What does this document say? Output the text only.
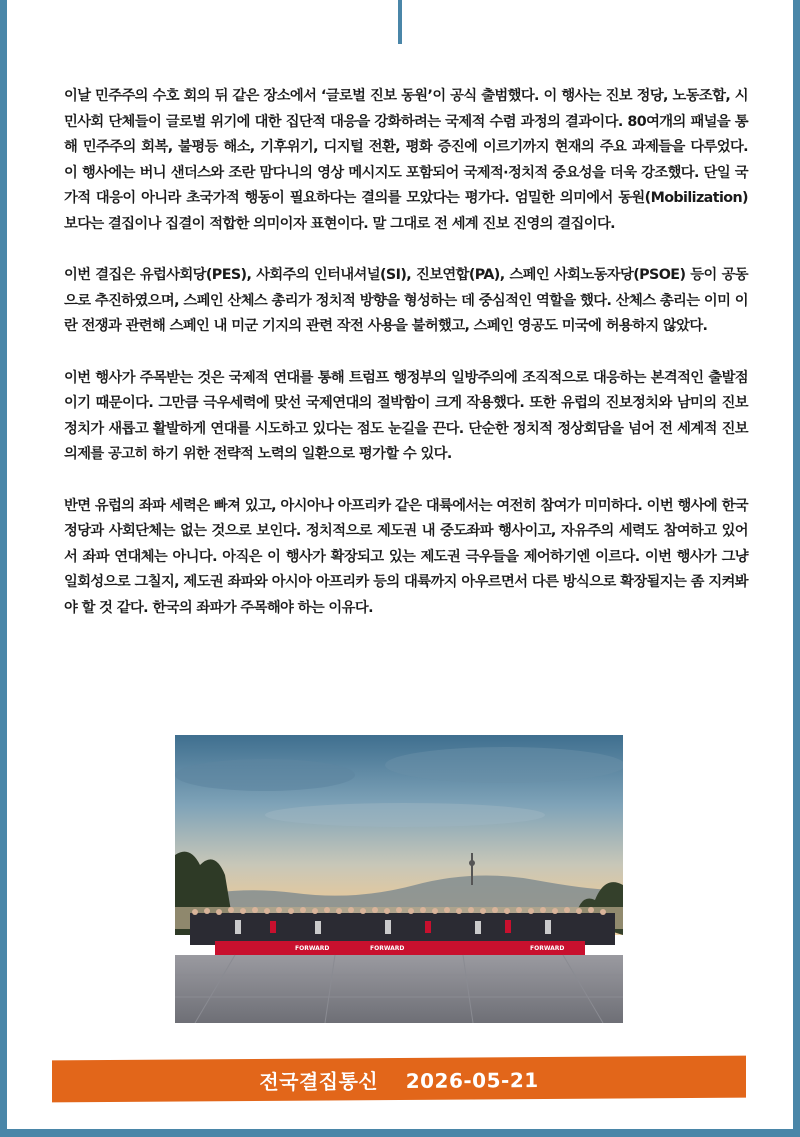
이날 민주주의 수호 회의 뒤 같은 장소에서 ‘글로벌 진보 동원’이 공식 출범했다. 이 행사는 진보 정당, 노동조합, 시민사회 단체들이 글로벌 위기에 대한 집단적 대응을 강화하려는 국제적 수렴 과정의 결과이다. 80여개의 패널을 통해 민주주의 회복, 불평등 해소, 기후위기, 디지털 전환, 평화 증진에 이르기까지 현재의 주요 과제들을 다루었다. 이 행사에는 버니 샌더스와 조란 맘다니의 영상 메시지도 포함되어 국제적·정치적 중요성을 더욱 강조했다. 단일 국가적 대응이 아니라 초국가적 행동이 필요하다는 결의를 모았다는 평가다. 엄밀한 의미에서 동원(Mobilization) 보다는 결집이나 집결이 적합한 의미이자 표현이다. 말 그대로 전 세계 진보 진영의 결집이다.

이번 결집은 유럽사회당(PES), 사회주의 인터내셔널(SI), 진보연합(PA), 스페인 사회노동자당(PSOE) 등이 공동으로 추진하였으며, 스페인 산체스 총리가 정치적 방향을 형성하는 데 중심적인 역할을 했다. 산체스 총리는 이미 이란 전쟁과 관련해 스페인 내 미군 기지의 관련 작전 사용을 불허했고, 스페인 영공도 미국에 허용하지 않았다.

이번 행사가 주목받는 것은 국제적 연대를 통해 트럼프 행정부의 일방주의에 조직적으로 대응하는 본격적인 출발점이기 때문이다. 그만큼 극우세력에 맞선 국제연대의 절박함이 크게 작용했다. 또한 유럽의 진보정치와 남미의 진보정치가 새롭고 활발하게 연대를 시도하고 있다는 점도 눈길을 끈다. 단순한 정치적 정상회담을 넘어 전 세계적 진보 의제를 공고히 하기 위한 전략적 노력의 일환으로 평가할 수 있다.

반면 유럽의 좌파 세력은 빠져 있고, 아시아나 아프리카 같은 대륙에서는 여전히 참여가 미미하다. 이번 행사에 한국 정당과 사회단체는 없는 것으로 보인다. 정치적으로 제도권 내 중도좌파 행사이고, 자유주의 세력도 참여하고 있어서 좌파 연대체는 아니다. 아직은 이 행사가 확장되고 있는 제도권 극우들을 제어하기엔 이르다. 이번 행사가 그냥 일회성으로 그칠지, 제도권 좌파와 아시아 아프리카 등의 대륙까지 아우르면서 다른 방식으로 확장될지는 좀 지켜봐야 할 것 같다. 한국의 좌파가 주목해야 하는 이유다.

FORWARD	FORWARD	FORWARD
전국결집통신 2026-05-21
